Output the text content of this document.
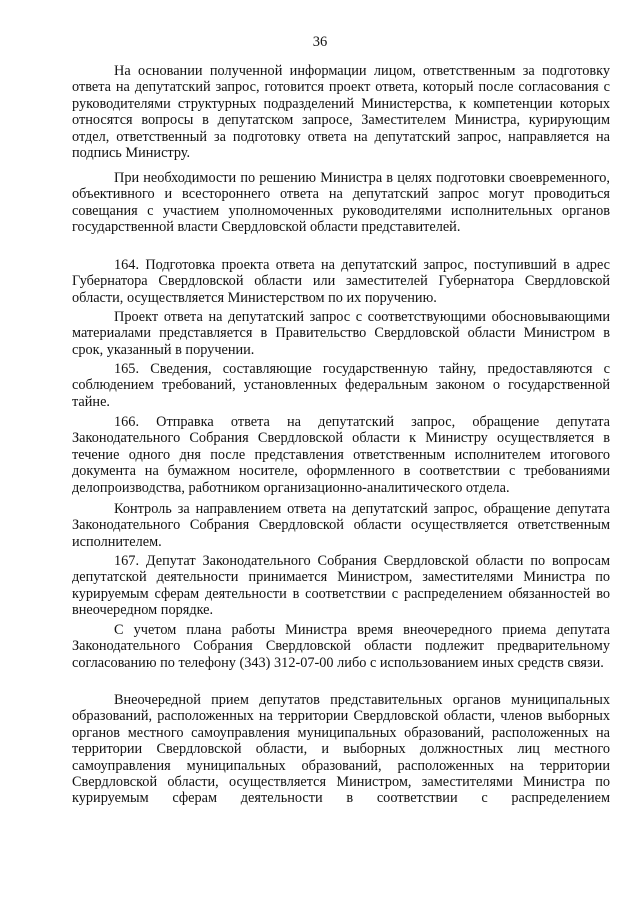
36

На основании полученной информации лицом, ответственным за подготовку ответа на депутатский запрос, готовится проект ответа, который после согласования с руководителями структурных подразделений Министерства, к компетенции которых относятся вопросы в депутатском запросе, Заместителем Министра, курирующим отдел, ответственный за подготовку ответа на депутатский запрос, направляется на подпись Министру.

При необходимости по решению Министра в целях подготовки своевременного, объективного и всестороннего ответа на депутатский запрос могут проводиться совещания с участием уполномоченных руководителями исполнительных органов государственной власти Свердловской области представителей.

164. Подготовка проекта ответа на депутатский запрос, поступивший в адрес Губернатора Свердловской области или заместителей Губернатора Свердловской области, осуществляется Министерством по их поручению.

Проект ответа на депутатский запрос с соответствующими обосновывающими материалами представляется в Правительство Свердловской области Министром в срок, указанный в поручении.

165. Сведения, составляющие государственную тайну, предоставляются с соблюдением требований, установленных федеральным законом о государственной тайне.

166. Отправка ответа на депутатский запрос, обращение депутата Законодательного Собрания Свердловской области к Министру осуществляется в течение одного дня после представления ответственным исполнителем итогового документа на бумажном носителе, оформленного в соответствии с требованиями делопроизводства, работником организационно-аналитического отдела.

Контроль за направлением ответа на депутатский запрос, обращение депутата Законодательного Собрания Свердловской области осуществляется ответственным исполнителем.

167. Депутат Законодательного Собрания Свердловской области по вопросам депутатской деятельности принимается Министром, заместителями Министра по курируемым сферам деятельности в соответствии с распределением обязанностей во внеочередном порядке.

С учетом плана работы Министра время внеочередного приема депутата Законодательного Собрания Свердловской области подлежит предварительному согласованию по телефону (343) 312-07-00 либо с использованием иных средств связи.

Внеочередной прием депутатов представительных органов муниципальных образований, расположенных на территории Свердловской области, членов выборных органов местного самоуправления муниципальных образований, расположенных на территории Свердловской области, и выборных должностных лиц местного самоуправления муниципальных образований, расположенных на территории Свердловской области, осуществляется Министром, заместителями Министра по курируемым сферам деятельности в соответствии с распределением
